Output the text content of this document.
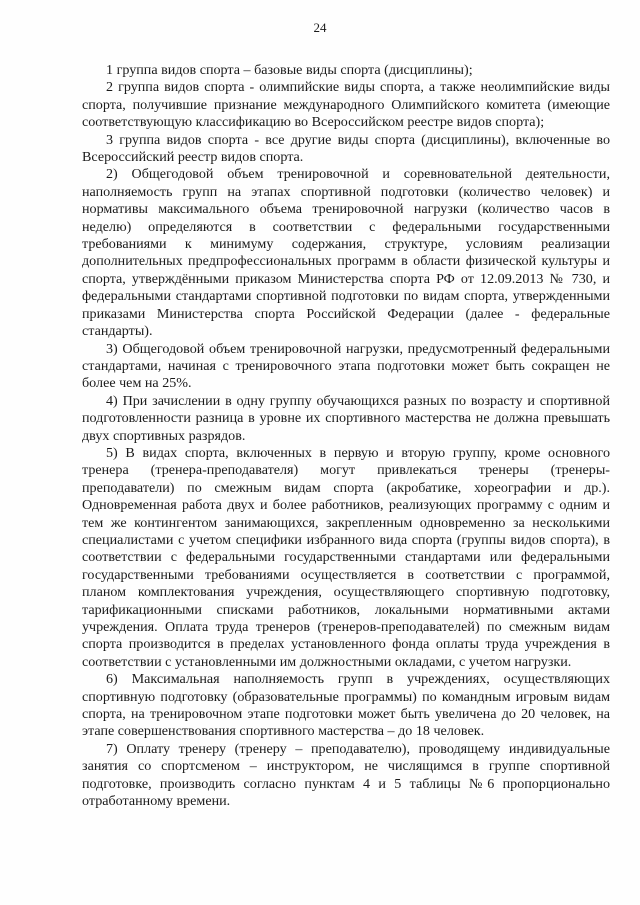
24

1 группа видов спорта – базовые виды спорта (дисциплины);

2 группа видов спорта - олимпийские виды спорта, а также неолимпийские виды спорта, получившие признание международного Олимпийского комитета (имеющие соответствующую классификацию во Всероссийском реестре видов спорта);

3 группа видов спорта - все другие виды спорта (дисциплины), включенные во Всероссийский реестр видов спорта.

2) Общегодовой объем тренировочной и соревновательной деятельности, наполняемость групп на этапах спортивной подготовки (количество человек) и нормативы максимального объема тренировочной нагрузки (количество часов в неделю) определяются в соответствии с федеральными государственными требованиями к минимуму содержания, структуре, условиям реализации дополнительных предпрофессиональных программ в области физической культуры и спорта, утверждёнными приказом Министерства спорта РФ от 12.09.2013 № 730, и федеральными стандартами спортивной подготовки по видам спорта, утвержденными приказами Министерства спорта Российской Федерации (далее - федеральные стандарты).

3) Общегодовой объем тренировочной нагрузки, предусмотренный федеральными стандартами, начиная с тренировочного этапа подготовки может быть сокращен не более чем на 25%.

4) При зачислении в одну группу обучающихся разных по возрасту и спортивной подготовленности разница в уровне их спортивного мастерства не должна превышать двух спортивных разрядов.

5) В видах спорта, включенных в первую и вторую группу, кроме основного тренера (тренера-преподавателя) могут привлекаться тренеры (тренеры-преподаватели) по смежным видам спорта (акробатике, хореографии и др.). Одновременная работа двух и более работников, реализующих программу с одним и тем же контингентом занимающихся, закрепленным одновременно за несколькими специалистами с учетом специфики избранного вида спорта (группы видов спорта), в соответствии с федеральными государственными стандартами или федеральными государственными требованиями осуществляется в соответствии с программой, планом комплектования учреждения, осуществляющего спортивную подготовку, тарификационными списками работников, локальными нормативными актами учреждения. Оплата труда тренеров (тренеров-преподавателей) по смежным видам спорта производится в пределах установленного фонда оплаты труда учреждения в соответствии с установленными им должностными окладами, с учетом нагрузки.

6) Максимальная наполняемость групп в учреждениях, осуществляющих спортивную подготовку (образовательные программы) по командным игровым видам спорта, на тренировочном этапе подготовки может быть увеличена до 20 человек, на этапе совершенствования спортивного мастерства – до 18 человек.

7) Оплату тренеру (тренеру – преподавателю), проводящему индивидуальные занятия со спортсменом – инструктором, не числящимся в группе спортивной подготовке, производить согласно пунктам 4 и 5 таблицы №6 пропорционально отработанному времени.
